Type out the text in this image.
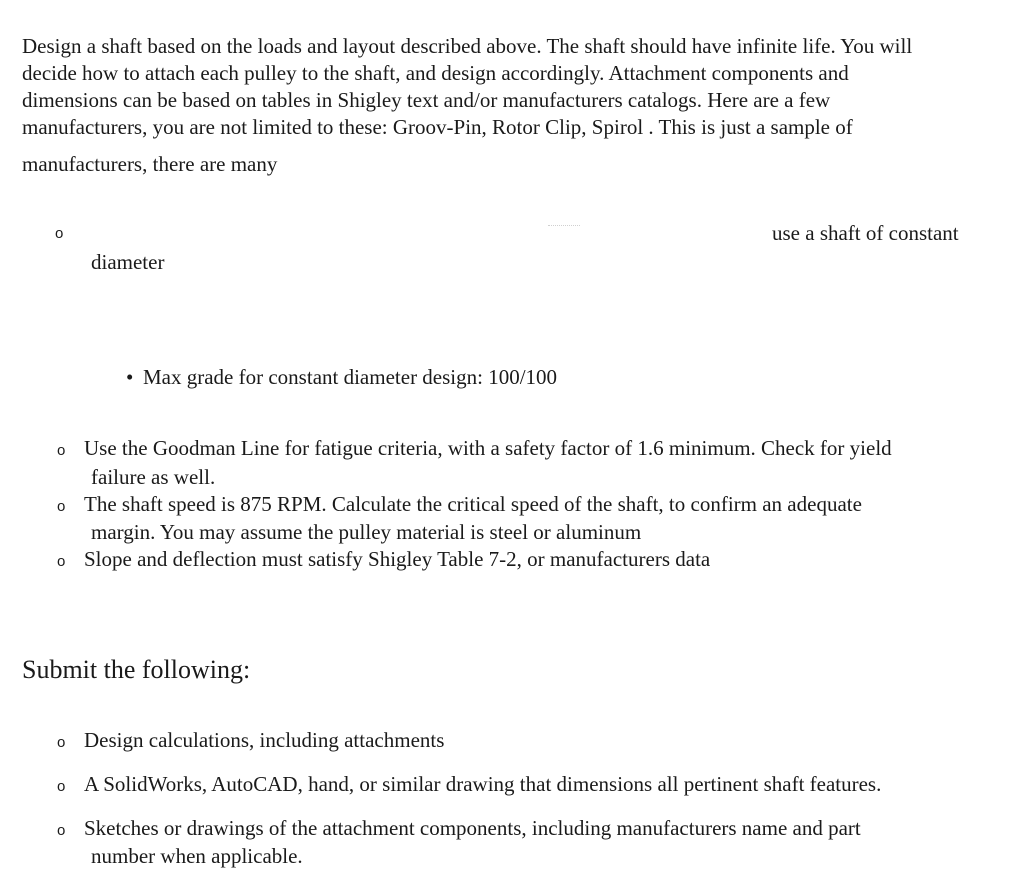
Design a shaft based on the loads and layout described above. The shaft should have infinite life. You will
decide how to attach each pulley to the shaft, and design accordingly. Attachment components and
dimensions can be based on tables in Shigley text and/or manufacturers catalogs. Here are a few
manufacturers, you are not limited to these: Groov-Pin, Rotor Clip, Spirol . This is just a sample of
manufacturers, there are many
o	use a shaft of constant
diameter
• Max grade for constant diameter design: 100/100
o Use the Goodman Line for fatigue criteria, with a safety factor of 1.6 minimum. Check for yield
failure as well.
o The shaft speed is 875 RPM. Calculate the critical speed of the shaft, to confirm an adequate
margin. You may assume the pulley material is steel or aluminum
o Slope and deflection must satisfy Shigley Table 7-2, or manufacturers data
Submit the following:
o Design calculations, including attachments
o A SolidWorks, AutoCAD, hand, or similar drawing that dimensions all pertinent shaft features.
o Sketches or drawings of the attachment components, including manufacturers name and part
number when applicable.
